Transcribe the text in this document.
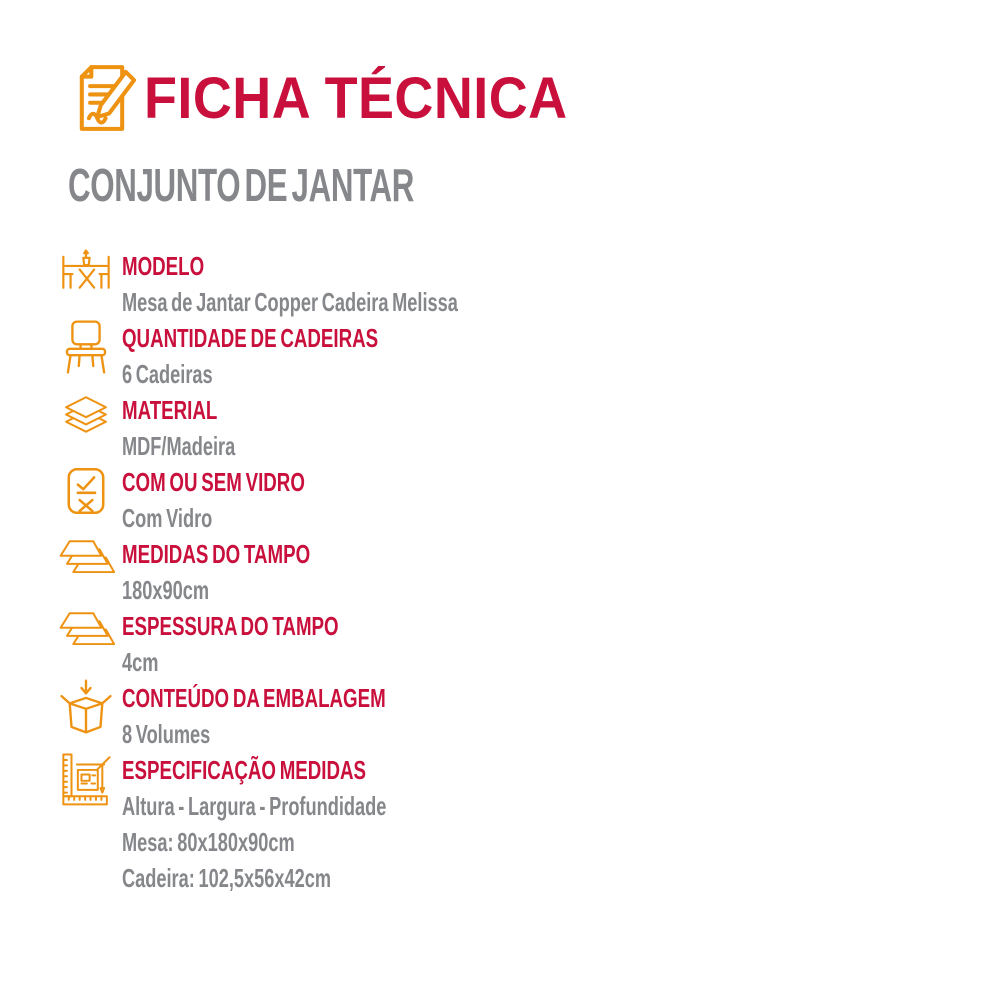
FICHA TÉCNICA
CONJUNTO DE JANTAR
MODELO
Mesa de Jantar Copper Cadeira Melissa
QUANTIDADE DE CADEIRAS
6 Cadeiras
MATERIAL
MDF/Madeira
COM OU SEM VIDRO
Com Vidro
MEDIDAS DO TAMPO
180x90cm
ESPESSURA DO TAMPO
4cm
CONTEÚDO DA EMBALAGEM
8 Volumes
ESPECIFICAÇÃO MEDIDAS
Altura - Largura - Profundidade
Mesa: 80x180x90cm
Cadeira: 102,5x56x42cm
